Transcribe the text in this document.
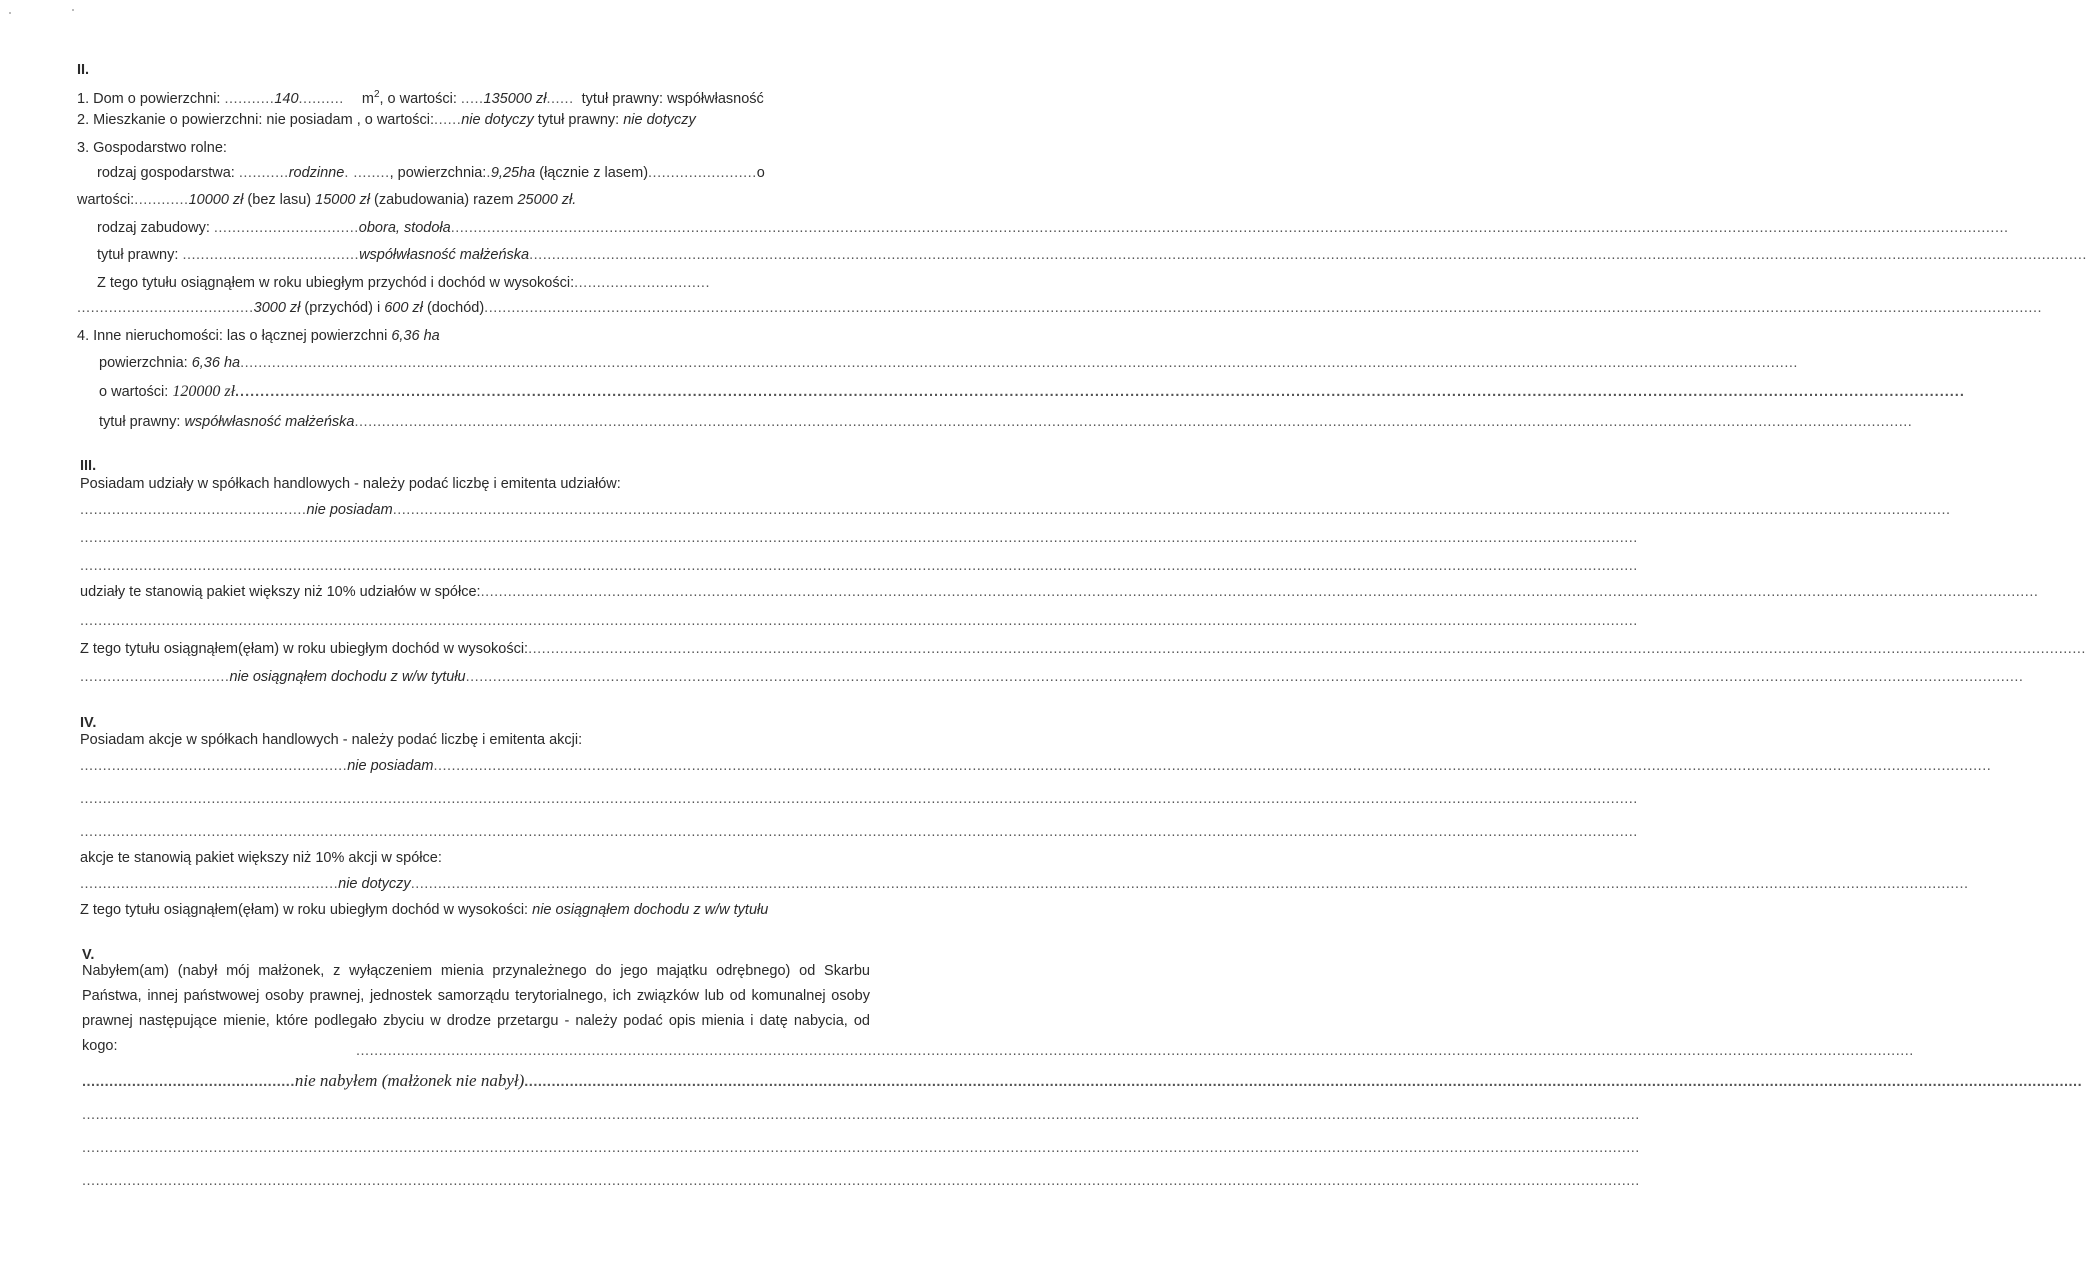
II.
1. Dom o powierzchni: ...........140.......... $m^2$, o wartości: .....135000 zł...... tytuł prawny: współwłasność
2. Mieszkanie o powierzchni: nie posiadam , o wartości:......nie dotyczy tytuł prawny: nie dotyczy
3. Gospodarstwo rolne:
rodzaj gospodarstwa: ...........rodzinne. ........, powierzchnia:.9,25ha (łącznie z lasem)........................o
wartości:............10000 zł (bez lasu) 15000 zł (zabudowania) razem 25000 zł.
rodzaj zabudowy: ................................obora, stodoła........................................................................................................................................................................................................................................................................................................................................................
tytuł prawny: .......................................współwłasność małżeńska........................................................................................................................................................................................................................................................................................................................................................
Z tego tytułu osiągnąłem w roku ubiegłym przychód i dochód w wysokości:..............................
.......................................3000 zł (przychód) i 600 zł (dochód)........................................................................................................................................................................................................................................................................................................................................................
4. Inne nieruchomości: las o łącznej powierzchni 6,36 ha
powierzchnia: 6,36 ha........................................................................................................................................................................................................................................................................................................................................................
o wartości: 120000 zł........................................................................................................................................................................................................................................................................................................................................................
tytuł prawny: współwłasność małżeńska........................................................................................................................................................................................................................................................................................................................................................
III.
Posiadam udziały w spółkach handlowych - należy podać liczbę i emitenta udziałów:
..................................................nie posiadam........................................................................................................................................................................................................................................................................................................................................................
........................................................................................................................................................................................................................................................................................................................................................
........................................................................................................................................................................................................................................................................................................................................................
udziały te stanowią pakiet większy niż 10% udziałów w spółce:........................................................................................................................................................................................................................................................................................................................................................
........................................................................................................................................................................................................................................................................................................................................................
Z tego tytułu osiągnąłem(ęłam) w roku ubiegłym dochód w wysokości:........................................................................................................................................................................................................................................................................................................................................................
.................................nie osiągnąłem dochodu z w/w tytułu........................................................................................................................................................................................................................................................................................................................................................
IV.
Posiadam akcje w spółkach handlowych - należy podać liczbę i emitenta akcji:
...........................................................nie posiadam........................................................................................................................................................................................................................................................................................................................................................
........................................................................................................................................................................................................................................................................................................................................................
........................................................................................................................................................................................................................................................................................................................................................
akcje te stanowią pakiet większy niż 10% akcji w spółce:
.........................................................nie dotyczy........................................................................................................................................................................................................................................................................................................................................................
Z tego tytułu osiągnąłem(ęłam) w roku ubiegłym dochód w wysokości: nie osiągnąłem dochodu z w/w tytułu
V.
Nabyłem(am) (nabył mój małżonek, z wyłączeniem mienia przynależnego do jego majątku odrębnego) od Skarbu Państwa, innej państwowej osoby prawnej, jednostek samorządu terytorialnego, ich związków lub od komunalnej osoby prawnej następujące mienie, które podlegało zbyciu w drodze przetargu - należy podać opis mienia i datę nabycia, od kogo:	........................................................................................................................................................................................................................................................................................................................................................
...............................................nie nabyłem (małżonek nie nabył)........................................................................................................................................................................................................................................................................................................................................................
........................................................................................................................................................................................................................................................................................................................................................
........................................................................................................................................................................................................................................................................................................................................................
........................................................................................................................................................................................................................................................................................................................................................
